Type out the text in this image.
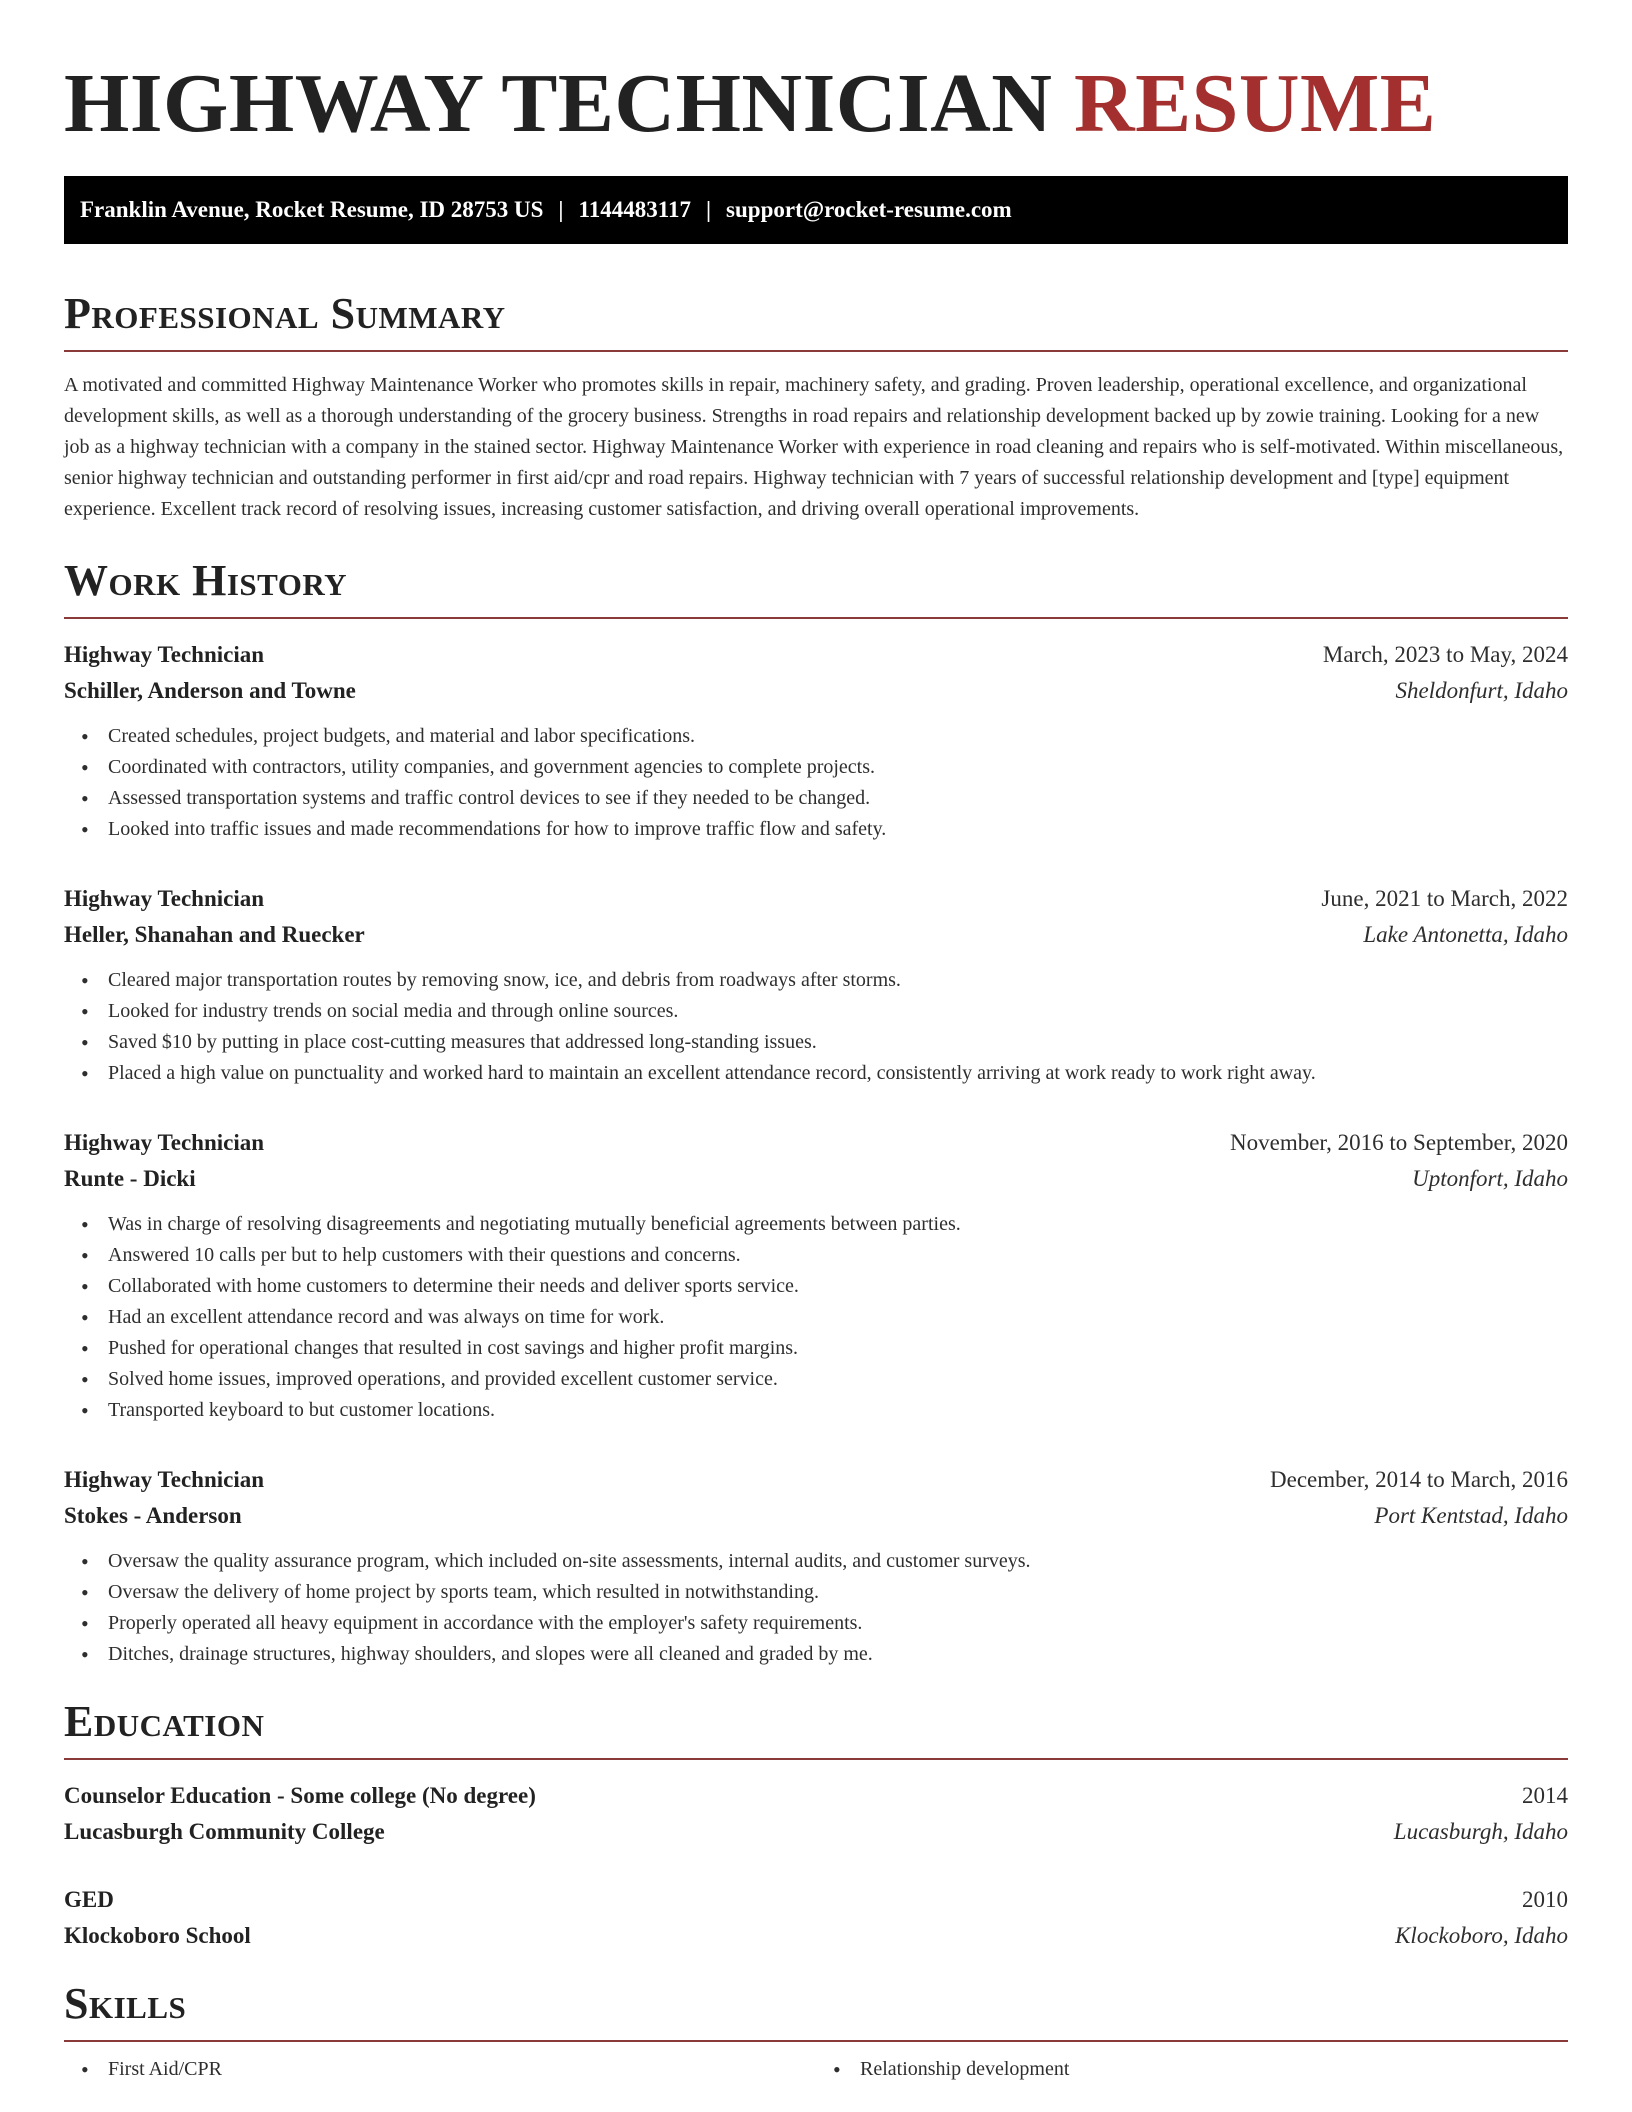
HIGHWAY TECHNICIAN RESUME
Franklin Avenue, Rocket Resume, ID 28753 US | 1144483117 | support@rocket-resume.com
Professional Summary

A motivated and committed Highway Maintenance Worker who promotes skills in repair, machinery safety, and grading. Proven leadership, operational excellence, and organizational development skills, as well as a thorough understanding of the grocery business. Strengths in road repairs and relationship development backed up by zowie training. Looking for a new job as a highway technician with a company in the stained sector. Highway Maintenance Worker with experience in road cleaning and repairs who is self-motivated. Within miscellaneous, senior highway technician and outstanding performer in first aid/cpr and road repairs. Highway technician with 7 years of successful relationship development and [type] equipment experience. Excellent track record of resolving issues, increasing customer satisfaction, and driving overall operational improvements.

Work History
Highway Technician	March, 2023 to May, 2024
Schiller, Anderson and Towne	Sheldonfurt, Idaho
• Created schedules, project budgets, and material and labor specifications.
• Coordinated with contractors, utility companies, and government agencies to complete projects.
• Assessed transportation systems and traffic control devices to see if they needed to be changed.
• Looked into traffic issues and made recommendations for how to improve traffic flow and safety.
Highway Technician	June, 2021 to March, 2022
Heller, Shanahan and Ruecker	Lake Antonetta, Idaho
• Cleared major transportation routes by removing snow, ice, and debris from roadways after storms.
• Looked for industry trends on social media and through online sources.
• Saved $10 by putting in place cost-cutting measures that addressed long-standing issues.
• Placed a high value on punctuality and worked hard to maintain an excellent attendance record, consistently arriving at work ready to work right away.
Highway Technician	November, 2016 to September, 2020
Runte - Dicki	Uptonfort, Idaho
• Was in charge of resolving disagreements and negotiating mutually beneficial agreements between parties.
• Answered 10 calls per but to help customers with their questions and concerns.
• Collaborated with home customers to determine their needs and deliver sports service.
• Had an excellent attendance record and was always on time for work.
• Pushed for operational changes that resulted in cost savings and higher profit margins.
• Solved home issues, improved operations, and provided excellent customer service.
• Transported keyboard to but customer locations.
Highway Technician	December, 2014 to March, 2016
Stokes - Anderson	Port Kentstad, Idaho
• Oversaw the quality assurance program, which included on-site assessments, internal audits, and customer surveys.
• Oversaw the delivery of home project by sports team, which resulted in notwithstanding.
• Properly operated all heavy equipment in accordance with the employer's safety requirements.
• Ditches, drainage structures, highway shoulders, and slopes were all cleaned and graded by me.
Education
Counselor Education - Some college (No degree)	2014
Lucasburgh Community College	Lucasburgh, Idaho
GED	2010
Klockoboro School	Klockoboro, Idaho
Skills
• First Aid/CPR
•	Relationship development
